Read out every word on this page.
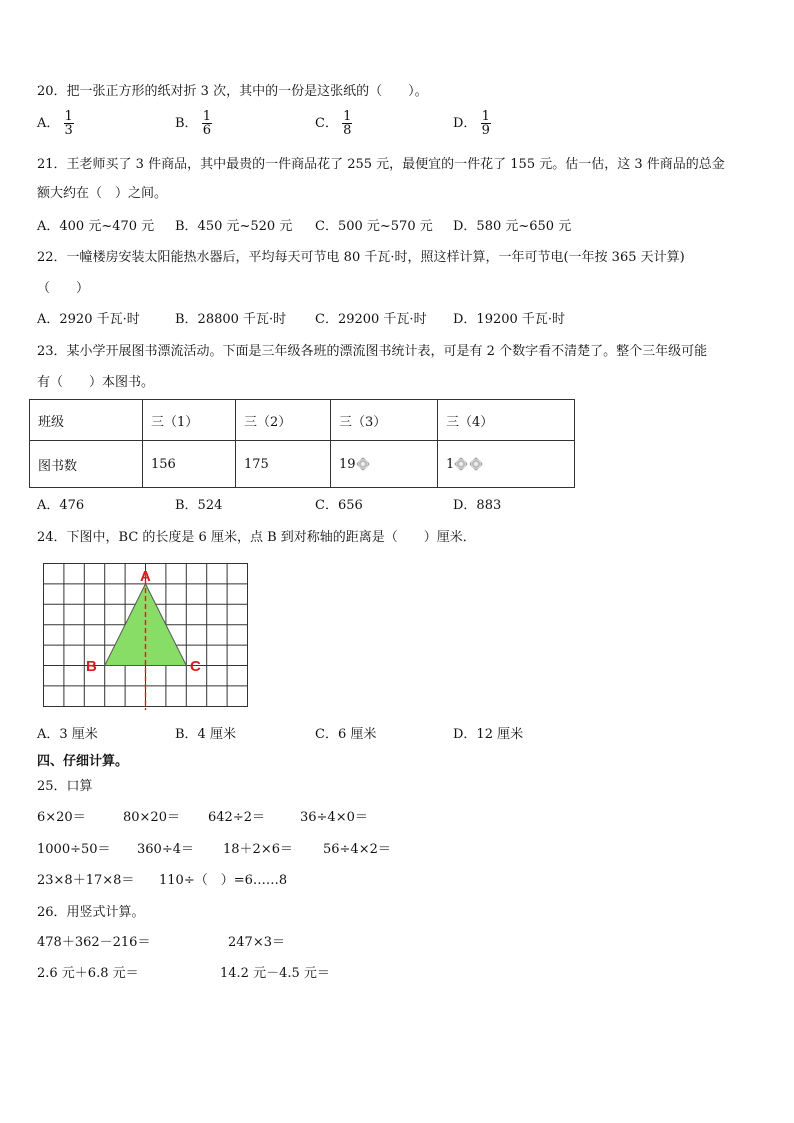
20．把一张正方形的纸对折 3 次，其中的一份是这张纸的（　　）。
A． $\frac{1}{3}$	B． $\frac{1}{6}$	C． $\frac{1}{8}$	D． $\frac{1}{9}$
21．王老师买了 3 件商品，其中最贵的一件商品花了 255 元，最便宜的一件花了 155 元。估一估，这 3 件商品的总金
额大约在（　）之间。
A．400 元~470 元 B．450 元~520 元 C．500 元~570 元 D．580 元~650 元
22．一幢楼房安装太阳能热水器后，平均每天可节电 80 千瓦·时，照这样计算，一年可节电(一年按 365 天计算)
（　　）
A．2920 千瓦·时	B．28800 千瓦·时 C．29200 千瓦·时 D．19200 千瓦·时
23．某小学开展图书漂流活动。下面是三年级各班的漂流图书统计表，可是有 2 个数字看不清楚了。整个三年级可能
有（　　）本图书。
班级	三（1）	三（2）	三（3）	三（4）
图书数	156	175	19	1
A．476	B．524	C．656	D．883
24．下图中，BC 的长度是 6 厘米，点 B 到对称轴的距离是（　　）厘米．
A
B	C
A．3 厘米	B．4 厘米	C．6 厘米	D．12 厘米
四、仔细计算。
25．口算
6×20＝	80×20＝ 642÷2＝	36÷4×0＝
1000÷50＝ 360÷4＝ 18＋2×6＝ 56÷4×2＝
23×8＋17×8＝ 110÷（　）=6……8
26．用竖式计算。
478＋362－216＝	247×3＝
2.6 元＋6.8 元＝	14.2 元－4.5 元＝
